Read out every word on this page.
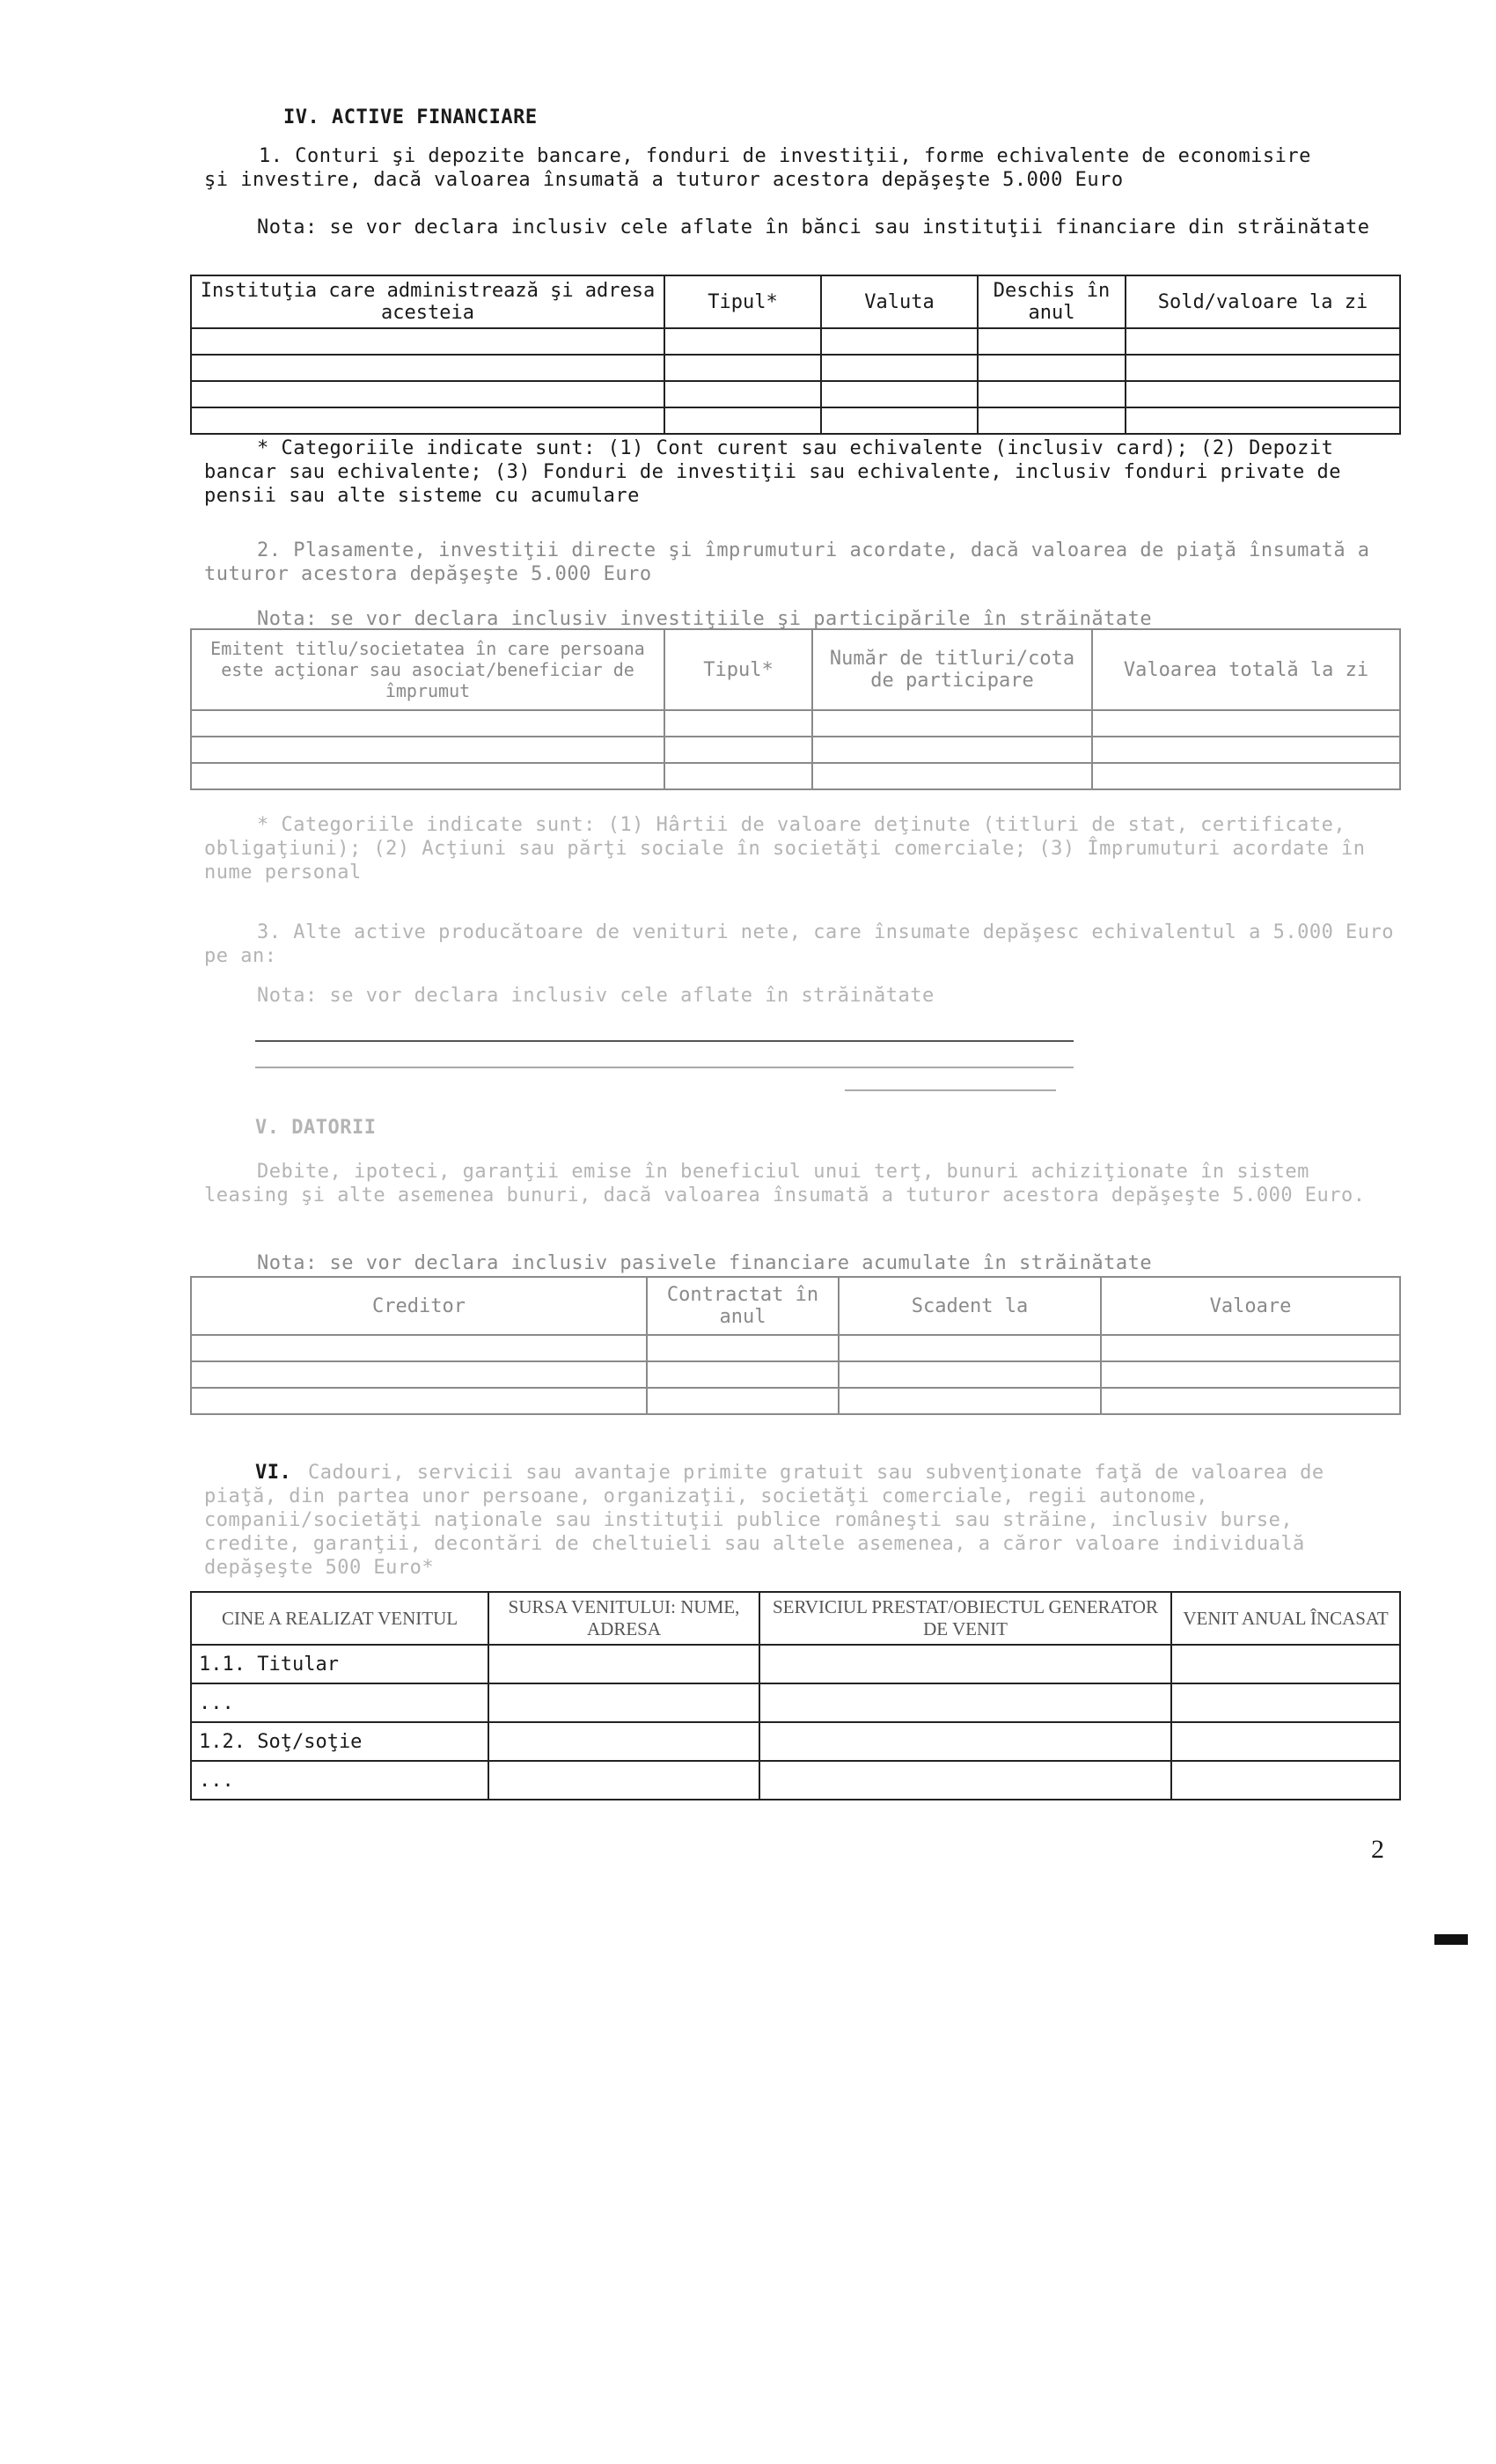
IV. ACTIVE FINANCIARE
1. Conturi şi depozite bancare, fonduri de investiţii, forme echivalente de economisire şi investire, dacă valoarea însumată a tuturor acestora depăşeşte 5.000 Euro
Nota: se vor declara inclusiv cele aflate în bănci sau instituţii financiare din străinătate
Instituţia care administrează şi adresa acesteia	Tipul*	Valuta	Deschis în anul	Sold/valoare la zi

* Categoriile indicate sunt: (1) Cont curent sau echivalente (inclusiv card); (2) Depozit bancar sau echivalente; (3) Fonduri de investiţii sau echivalente, inclusiv fonduri private de pensii sau alte sisteme cu acumulare
2. Plasamente, investiţii directe şi împrumuturi acordate, dacă valoarea de piaţă însumată a tuturor acestora depăşeşte 5.000 Euro
Nota: se vor declara inclusiv investiţiile şi participările în străinătate
Emitent titlu/societatea în care persoana este acţionar sau asociat/beneficiar de împrumut	Tipul*	Număr de titluri/cota de participare	Valoarea totală la zi

* Categoriile indicate sunt: (1) Hârtii de valoare deţinute (titluri de stat, certificate, obligaţiuni); (2) Acţiuni sau părţi sociale în societăţi comerciale; (3) Împrumuturi acordate în nume personal
3. Alte active producătoare de venituri nete, care însumate depăşesc echivalentul a 5.000 Euro pe an:
Nota: se vor declara inclusiv cele aflate în străinătate
V. DATORII
Debite, ipoteci, garanţii emise în beneficiul unui terţ, bunuri achiziţionate în sistem leasing şi alte asemenea bunuri, dacă valoarea însumată a tuturor acestora depăşeşte 5.000 Euro.
Nota: se vor declara inclusiv pasivele financiare acumulate în străinătate
Creditor	Contractat în anul	Scadent la	Valoare

VI. Cadouri, servicii sau avantaje primite gratuit sau subvenţionate faţă de valoarea de piaţă, din partea unor persoane, organizaţii, societăţi comerciale, regii autonome, companii/societăţi naţionale sau instituţii publice româneşti sau străine, inclusiv burse, credite, garanţii, decontări de cheltuieli sau altele asemenea, a căror valoare individuală depăşeşte 500 Euro*
CINE A REALIZAT VENITUL	SURSA VENITULUI: NUME, ADRESA	SERVICIUL PRESTAT/OBIECTUL GENERATOR DE VENIT	VENIT ANUAL ÎNCASAT
1.1. Titular			
...			
1.2. Soţ/soţie			
...			
2
